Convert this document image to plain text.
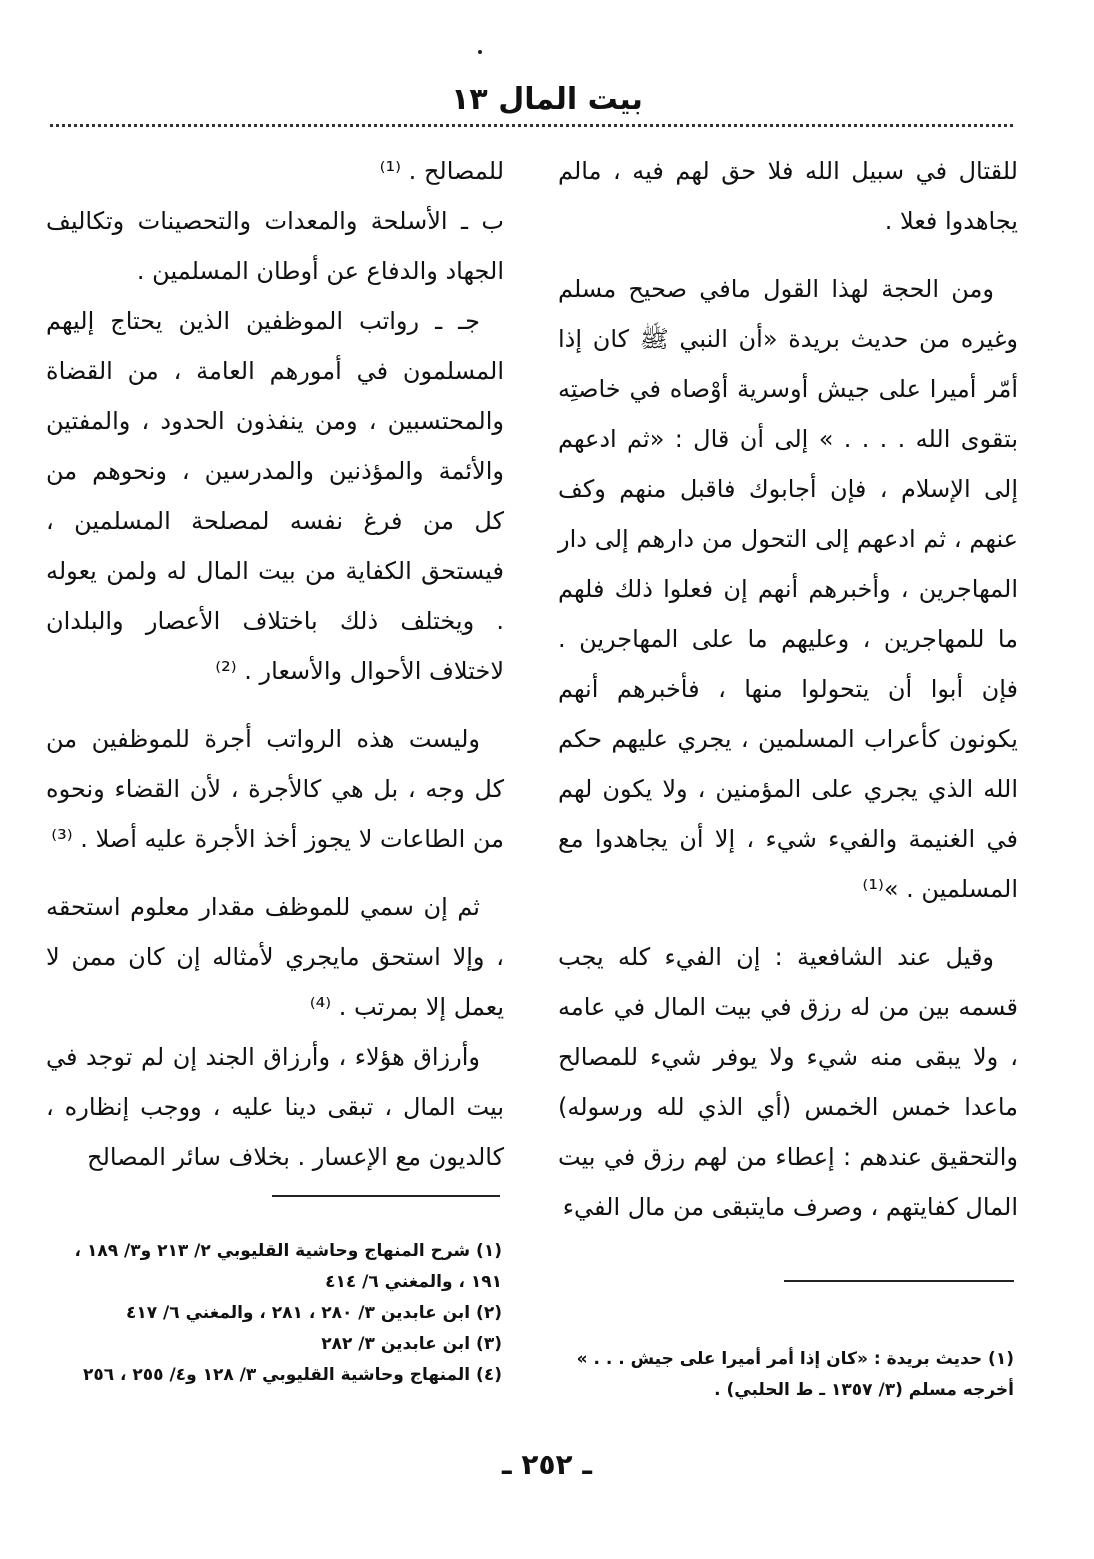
بيت المال ١٣

للقتال في سبيل الله فلا حق لهم فيه ، مالم يجاهدوا فعلا .

ومن الحجة لهذا القول مافي صحيح مسلم وغيره من حديث بريدة «أن النبي ﷺ كان إذا أمّر أميرا على جيش أوسرية أوْصاه في خاصتِه بتقوى الله . . . . » إلى أن قال : «ثم ادعهم إلى الإسلام ، فإن أجابوك فاقبل منهم وكف عنهم ، ثم ادعهم إلى التحول من دارهم إلى دار المهاجرين ، وأخبرهم أنهم إن فعلوا ذلك فلهم ما للمهاجرين ، وعليهم ما على المهاجرين . فإن أبوا أن يتحولوا منها ، فأخبرهم أنهم يكونون كأعراب المسلمين ، يجري عليهم حكم الله الذي يجري على المؤمنين ، ولا يكون لهم في الغنيمة والفيء شيء ، إلا أن يجاهدوا مع المسلمين . »⁽¹⁾

وقيل عند الشافعية : إن الفيء كله يجب قسمه بين من له رزق في بيت المال في عامه ، ولا يبقى منه شيء ولا يوفر شيء للمصالح ماعدا خمس الخمس (أي الذي لله ورسوله) والتحقيق عندهم : إعطاء من لهم رزق في بيت المال كفايتهم ، وصرف مايتبقى من مال الفيء

للمصالح . ⁽¹⁾

ب ـ الأسلحة والمعدات والتحصينات وتكاليف الجهاد والدفاع عن أوطان المسلمين .

جـ ـ رواتب الموظفين الذين يحتاج إليهم المسلمون في أمورهم العامة ، من القضاة والمحتسبين ، ومن ينفذون الحدود ، والمفتين والأئمة والمؤذنين والمدرسين ، ونحوهم من كل من فرغ نفسه لمصلحة المسلمين ، فيستحق الكفاية من بيت المال له ولمن يعوله . ويختلف ذلك باختلاف الأعصار والبلدان لاختلاف الأحوال والأسعار . ⁽²⁾

وليست هذه الرواتب أجرة للموظفين من كل وجه ، بل هي كالأجرة ، لأن القضاء ونحوه من الطاعات لا يجوز أخذ الأجرة عليه أصلا . ⁽³⁾

ثم إن سمي للموظف مقدار معلوم استحقه ، وإلا استحق مايجري لأمثاله إن كان ممن لا يعمل إلا بمرتب . ⁽⁴⁾

وأرزاق هؤلاء ، وأرزاق الجند إن لم توجد في بيت المال ، تبقى دينا عليه ، ووجب إنظاره ، كالديون مع الإعسار . بخلاف سائر المصالح

(١) حديث بريدة : «كان إذا أمر أميرا على جيش . . . »
أخرجه مسلم (٣/ ١٣٥٧ ـ ط الحلبي) .
(١) شرح المنهاج وحاشية القليوبي ٢/ ٢١٣ و٣/ ١٨٩ ، ١٩١ ، والمغني ٦/ ٤١٤
(٢) ابن عابدين ٣/ ٢٨٠ ، ٢٨١ ، والمغني ٦/ ٤١٧
(٣) ابن عابدين ٣/ ٢٨٢
(٤) المنهاج وحاشية القليوبي ٣/ ١٢٨ و٤/ ٢٥٥ ، ٢٥٦
ـ ٢٥٢ ـ
